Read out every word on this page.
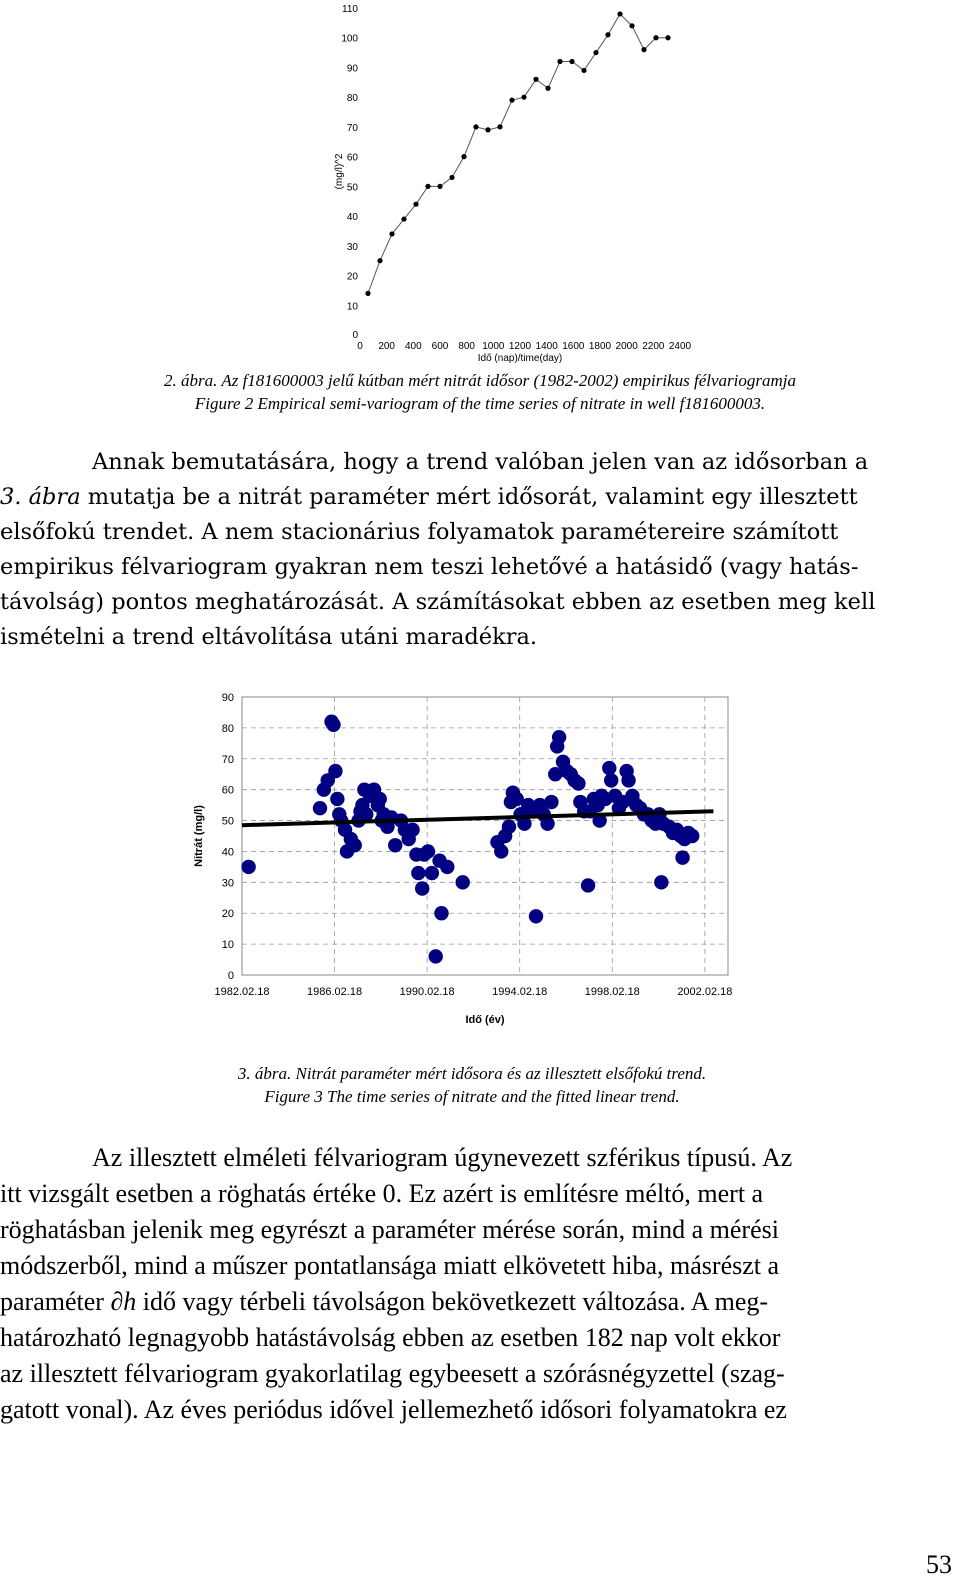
10
20
30
40
50
60
70
80
90
100
110
0
0 200 400 600 800 1000 1200 1400 1600 1800 2000 2200 2400
Idő (nap)/time(day)
(mg/l)^2
2. ábra. Az f181600003 jelű kútban mért nitrát idősor (1982-2002) empirikus félvariogramja
Figure 2 Empirical semi-variogram of the time series of nitrate in well f181600003.

Annak bemutatására, hogy a trend valóban jelen van az idősorban a

3. ábra mutatja be a nitrát paraméter mért idősorát, valamint egy illesztett

elsőfokú trendet. A nem stacionárius folyamatok paramétereire számított

empirikus félvariogram gyakran nem teszi lehetővé a hatásidő (vagy hatás-

távolság) pontos meghatározását. A számításokat ebben az esetben meg kell

ismételni a trend eltávolítása utáni maradékra.

0
10
20
30
40
50
60
70
80
90
1982.02.18	1986.02.18	1990.02.18	1994.02.18	1998.02.18	2002.02.18
Idő (év)
Nitrát (mg/l)
3. ábra. Nitrát paraméter mért idősora és az illesztett elsőfokú trend.
Figure 3 The time series of nitrate and the fitted linear trend.

Az illesztett elméleti félvariogram úgynevezett szférikus típusú. Az

itt vizsgált esetben a röghatás értéke 0. Ez azért is említésre méltó, mert a

röghatásban jelenik meg egyrészt a paraméter mérése során, mind a mérési

módszerből, mind a műszer pontatlansága miatt elkövetett hiba, másrészt a

paraméter ∂h idő vagy térbeli távolságon bekövetkezett változása. A meg-

határozható legnagyobb hatástávolság ebben az esetben 182 nap volt ekkor

az illesztett félvariogram gyakorlatilag egybeesett a szórásnégyzettel (szag-

gatott vonal). Az éves periódus idővel jellemezhető idősori folyamatokra ez

53
